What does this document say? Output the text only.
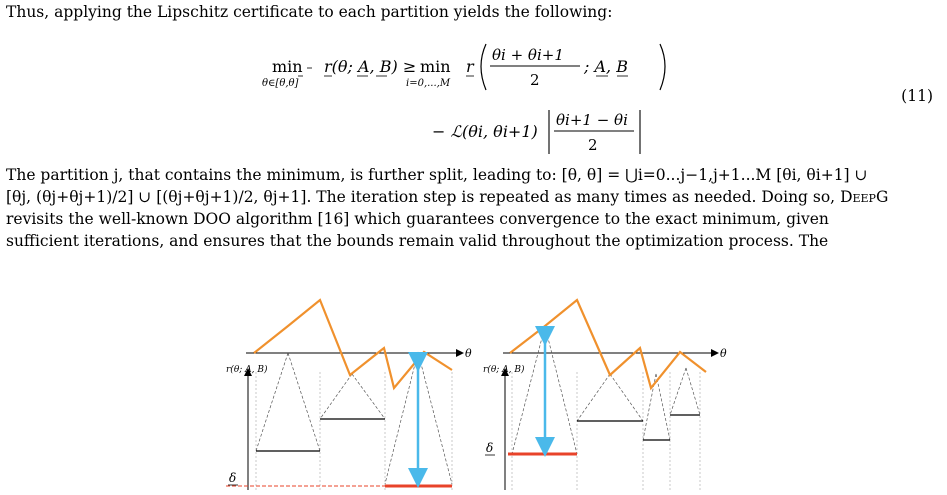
Thus, applying the Lipschitz certificate to each partition yields the following:
min
θ∈[θ,θ]
r(θ; A, B) ≥ min
i=0,...,M
r
θi + θi+1
2
; A, B
− ℒ(θi, θi+1)
θi+1 − θi
2
(11)
The partition j, that contains the minimum, is further split, leading to: [θ, θ] = ⋃i=0...j−1,j+1...M [θi, θi+1] ∪
[θj, (θj+θj+1)/2] ∪ [(θj+θj+1)/2, θj+1]. The iteration step is repeated as many times as needed. Doing so, DeepG
revisits the well-known DOO algorithm [16] which guarantees convergence to the exact minimum, given
sufficient iterations, and ensures that the bounds remain valid throughout the optimization process. The
r(θ; A, B)
θ
δ
r(θ; A, B)
θ
δ
